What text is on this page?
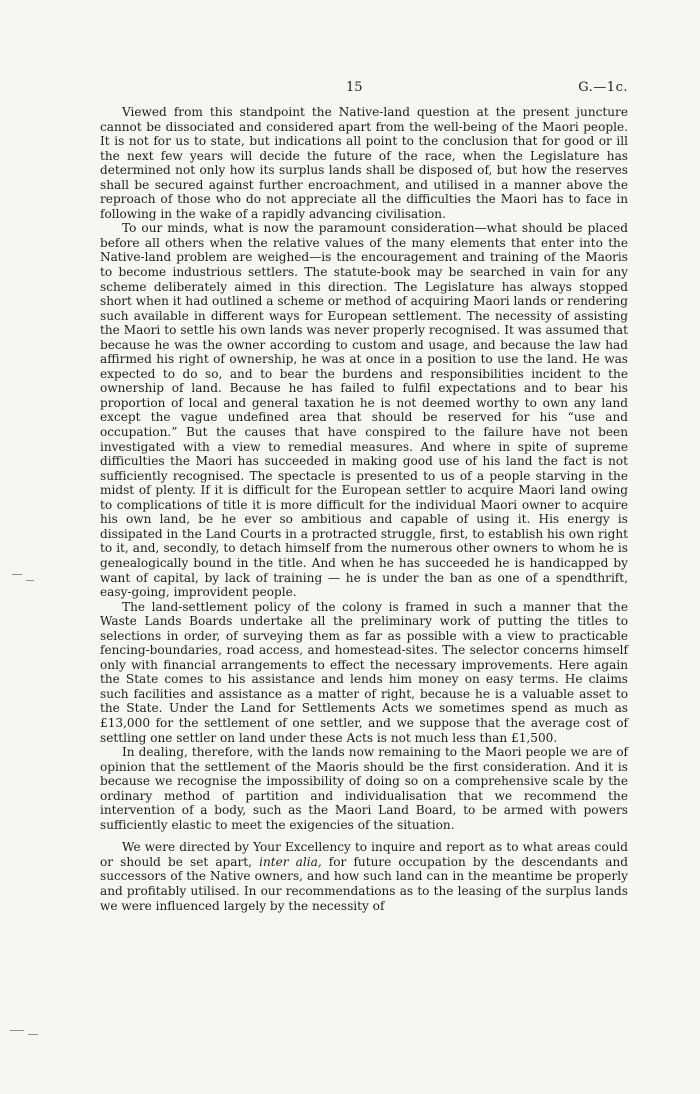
15	G.—1c.

Viewed from this standpoint the Native-land question at the present juncture cannot be dissociated and considered apart from the well-being of the Maori people. It is not for us to state, but indications all point to the conclusion that for good or ill the next few years will decide the future of the race, when the Legislature has determined not only how its surplus lands shall be disposed of, but how the reserves shall be secured against further encroachment, and utilised in a manner above the reproach of those who do not appreciate all the difficulties the Maori has to face in following in the wake of a rapidly advancing civilisation.

To our minds, what is now the paramount consideration—what should be placed before all others when the relative values of the many elements that enter into the Native-land problem are weighed—is the encouragement and training of the Maoris to become industrious settlers. The statute-book may be searched in vain for any scheme deliberately aimed in this direction. The Legislature has always stopped short when it had outlined a scheme or method of acquiring Maori lands or rendering such available in different ways for European settlement. The necessity of assisting the Maori to settle his own lands was never properly recognised. It was assumed that because he was the owner according to custom and usage, and because the law had affirmed his right of ownership, he was at once in a position to use the land. He was expected to do so, and to bear the burdens and responsibilities incident to the ownership of land. Because he has failed to fulfil expectations and to bear his proportion of local and general taxation he is not deemed worthy to own any land except the vague undefined area that should be reserved for his “use and occupation.” But the causes that have conspired to the failure have not been investigated with a view to remedial measures. And where in spite of supreme difficulties the Maori has succeeded in making good use of his land the fact is not sufficiently recognised. The spectacle is presented to us of a people starving in the midst of plenty. If it is difficult for the European settler to acquire Maori land owing to complications of title it is more difficult for the individual Maori owner to acquire his own land, be he ever so ambitious and capable of using it. His energy is dissipated in the Land Courts in a protracted struggle, first, to establish his own right to it, and, secondly, to detach himself from the numerous other owners to whom he is genealogically bound in the title. And when he has succeeded he is handicapped by want of capital, by lack of training — he is under the ban as one of a spendthrift, easy-going, improvident people.

The land-settlement policy of the colony is framed in such a manner that the Waste Lands Boards undertake all the preliminary work of putting the titles to selections in order, of surveying them as far as possible with a view to practicable fencing-boundaries, road access, and homestead-sites. The selector concerns himself only with financial arrangements to effect the necessary improvements. Here again the State comes to his assistance and lends him money on easy terms. He claims such facilities and assistance as a matter of right, because he is a valuable asset to the State. Under the Land for Settlements Acts we sometimes spend as much as £13,000 for the settlement of one settler, and we suppose that the average cost of settling one settler on land under these Acts is not much less than £1,500.

In dealing, therefore, with the lands now remaining to the Maori people we are of opinion that the settlement of the Maoris should be the first consideration. And it is because we recognise the impossibility of doing so on a comprehensive scale by the ordinary method of partition and individualisation that we recommend the intervention of a body, such as the Maori Land Board, to be armed with powers sufficiently elastic to meet the exigencies of the situation.

We were directed by Your Excellency to inquire and report as to what areas could or should be set apart, inter alia, for future occupation by the descendants and successors of the Native owners, and how such land can in the meantime be properly and profitably utilised. In our recommendations as to the leasing of the surplus lands we were influenced largely by the necessity of
